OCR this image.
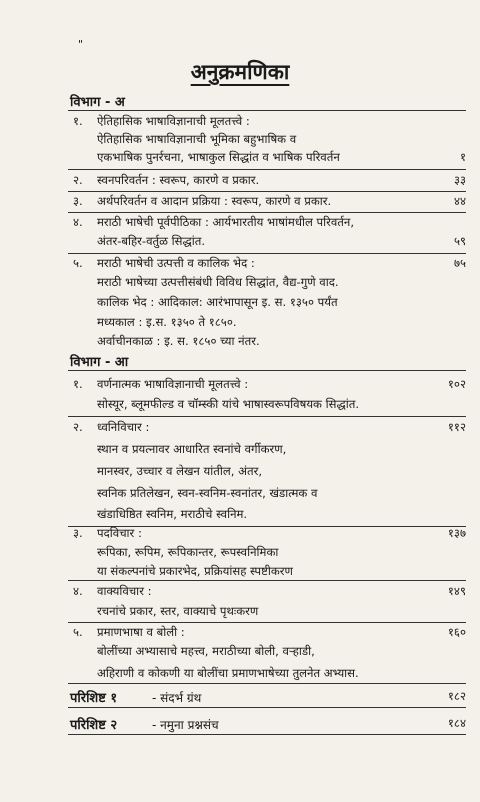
"
अनुक्रमणिका
विभाग - अ
१. ऐतिहासिक भाषाविज्ञानाची मूलतत्त्वे :
ऐतिहासिक भाषाविज्ञानाची भूमिका बहुभाषिक व
एकभाषिक पुनर्रचना, भाषाकुल सिद्धांत व भाषिक परिवर्तन	१
२. स्वनपरिवर्तन : स्वरूप, कारणे व प्रकार.	३३
३. अर्थपरिवर्तन व आदान प्रक्रिया : स्वरूप, कारणे व प्रकार.	४४
४. मराठी भाषेची पूर्वपीठिका : आर्यभारतीय भाषांमधील परिवर्तन,
अंतर-बहिर-वर्तुळ सिद्धांत.	५९
५. मराठी भाषेची उत्पत्ती व कालिक भेद :	७५
मराठी भाषेच्या उत्पत्तीसंबंधी विविध सिद्धांत, वैद्य-गुणे वाद.
कालिक भेद : आदिकाल: आरंभापासून इ. स. १३५० पर्यंत
मध्यकाल : इ.स. १३५० ते १८५०.
अर्वाचीनकाळ : इ. स. १८५० च्या नंतर.
विभाग - आ
१. वर्णनात्मक भाषाविज्ञानाची मूलतत्त्वे :	१०२
सोस्यूर, ब्लूमफील्ड व चॉम्स्की यांचे भाषास्वरूपविषयक सिद्धांत.
२. ध्वनिविचार :	११२
स्थान व प्रयत्नावर आधारित स्वनांचे वर्गीकरण,
मानस्वर, उच्चार व लेखन यांतील, अंतर,
स्वनिक प्रतिलेखन, स्वन-स्वनिम-स्वनांतर, खंडात्मक व
खंडाधिष्ठित स्वनिम, मराठीचे स्वनिम.
३. पदविचार :	१३७
रूपिका, रूपिम, रूपिकान्तर, रूपस्वनिमिका
या संकल्पनांचे प्रकारभेद, प्रक्रियांसह स्पष्टीकरण
४. वाक्यविचार :	१४९
रचनांचे प्रकार, स्तर, वाक्याचे पृथःकरण
५. प्रमाणभाषा व बोली :	१६०
बोलींच्या अभ्यासाचे महत्त्व, मराठीच्या बोली, वऱ्हाडी,
अहिराणी व कोकणी या बोलींचा प्रमाणभाषेच्या तुलनेत अभ्यास.
परिशिष्ट १	- संदर्भ ग्रंथ	१८२
परिशिष्ट २	- नमुना प्रश्नसंच	१८४
